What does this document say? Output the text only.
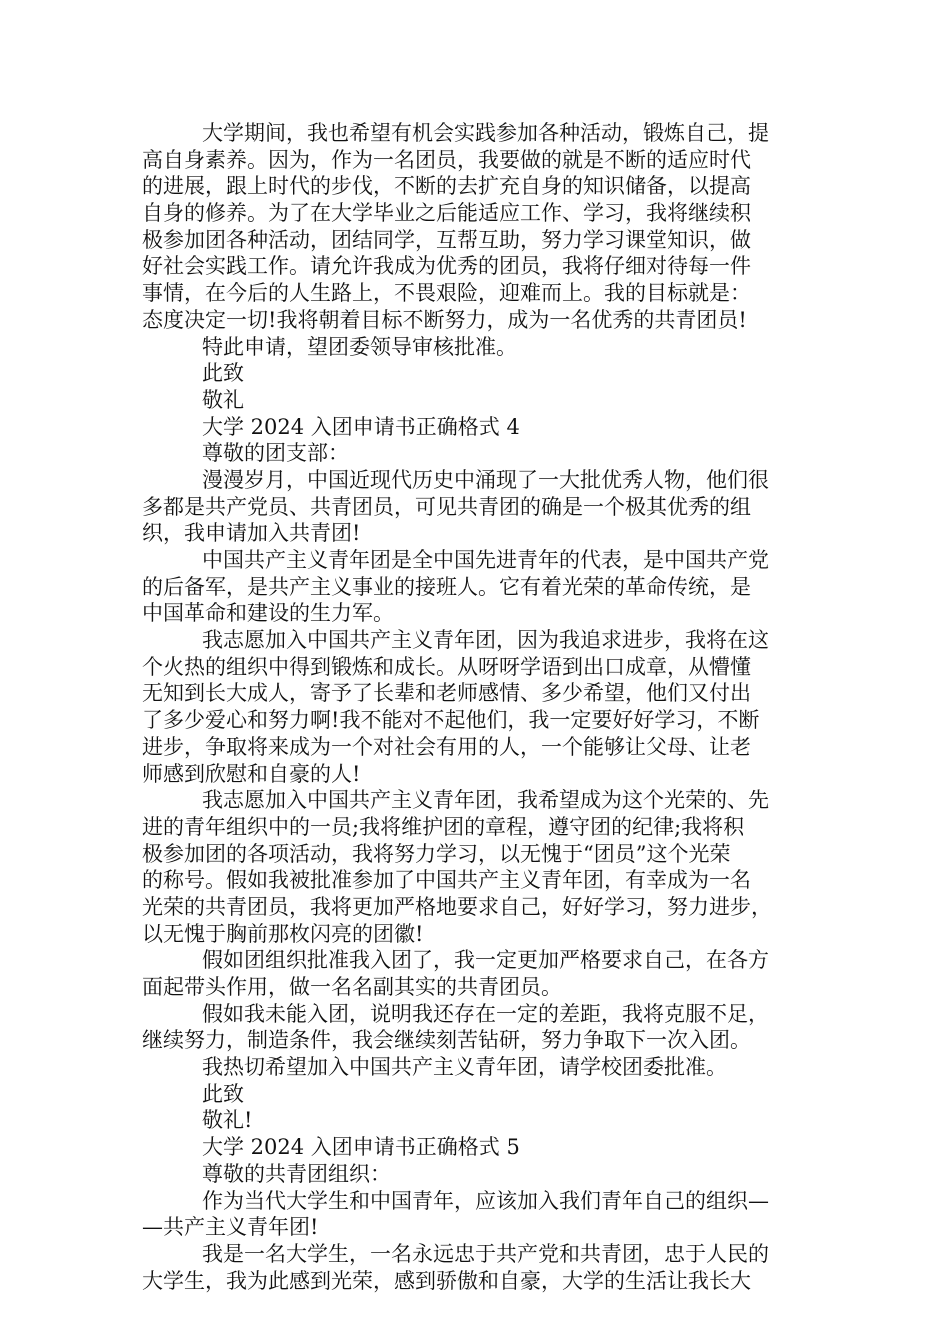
大学期间，我也希望有机会实践参加各种活动，锻炼自己，提
高自身素养。因为，作为一名团员，我要做的就是不断的适应时代
的进展，跟上时代的步伐，不断的去扩充自身的知识储备，以提高
自身的修养。为了在大学毕业之后能适应工作、学习，我将继续积
极参加团各种活动，团结同学，互帮互助，努力学习课堂知识，做
好社会实践工作。请允许我成为优秀的团员，我将仔细对待每一件
事情，在今后的人生路上，不畏艰险，迎难而上。我的目标就是：
态度决定一切!我将朝着目标不断努力，成为一名优秀的共青团员!
特此申请，望团委领导审核批准。
此致
敬礼
大学 2024 入团申请书正确格式 4
尊敬的团支部：
漫漫岁月，中国近现代历史中涌现了一大批优秀人物，他们很
多都是共产党员、共青团员，可见共青团的确是一个极其优秀的组
织，我申请加入共青团!
中国共产主义青年团是全中国先进青年的代表，是中国共产党
的后备军，是共产主义事业的接班人。它有着光荣的革命传统，是
中国革命和建设的生力军。
我志愿加入中国共产主义青年团，因为我追求进步，我将在这
个火热的组织中得到锻炼和成长。从呀呀学语到出口成章，从懵懂
无知到长大成人，寄予了长辈和老师感情、多少希望，他们又付出
了多少爱心和努力啊!我不能对不起他们，我一定要好好学习，不断
进步，争取将来成为一个对社会有用的人，一个能够让父母、让老
师感到欣慰和自豪的人!
我志愿加入中国共产主义青年团，我希望成为这个光荣的、先
进的青年组织中的一员;我将维护团的章程，遵守团的纪律;我将积
极参加团的各项活动，我将努力学习，以无愧于“团员”这个光荣
的称号。假如我被批准参加了中国共产主义青年团，有幸成为一名
光荣的共青团员，我将更加严格地要求自己，好好学习，努力进步，
以无愧于胸前那枚闪亮的团徽!
假如团组织批准我入团了，我一定更加严格要求自己，在各方
面起带头作用，做一名名副其实的共青团员。
假如我未能入团，说明我还存在一定的差距，我将克服不足，
继续努力，制造条件，我会继续刻苦钻研，努力争取下一次入团。
我热切希望加入中国共产主义青年团，请学校团委批准。
此致
敬礼!
大学 2024 入团申请书正确格式 5
尊敬的共青团组织：
作为当代大学生和中国青年，应该加入我们青年自己的组织—
—共产主义青年团!
我是一名大学生，一名永远忠于共产党和共青团，忠于人民的
大学生，我为此感到光荣，感到骄傲和自豪，大学的生活让我长大
